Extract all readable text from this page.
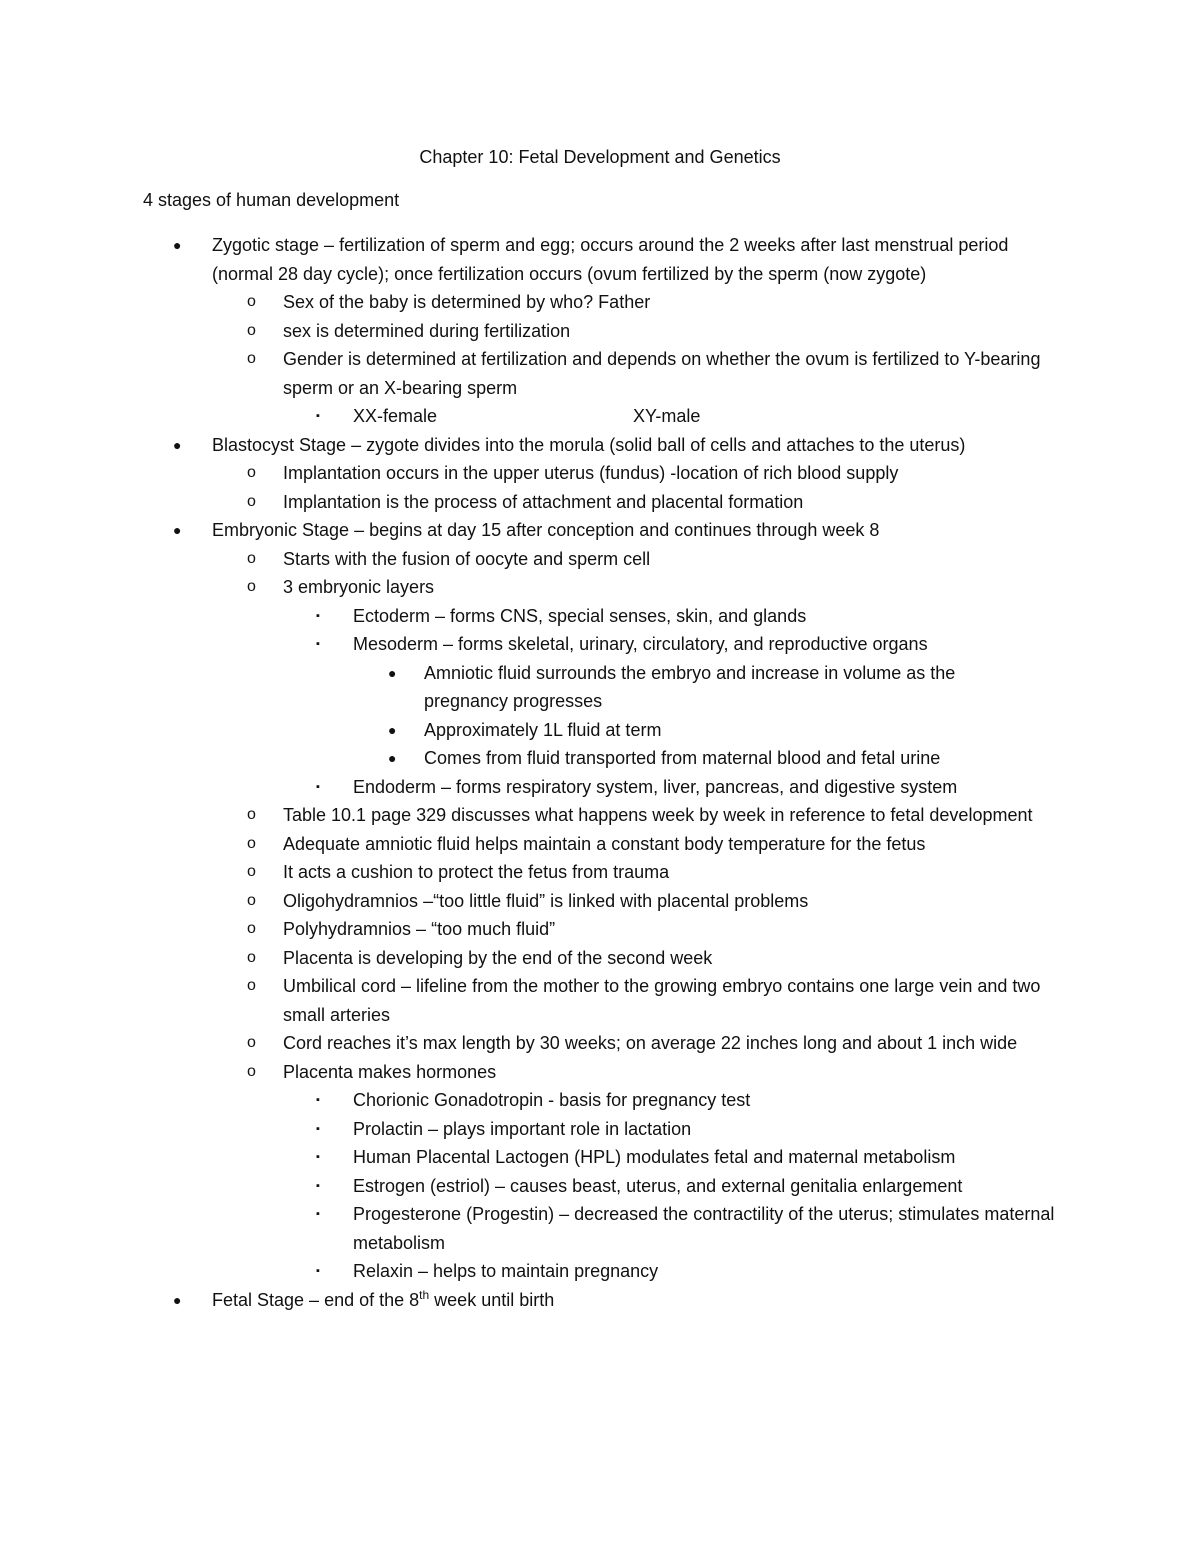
Chapter 10: Fetal Development and Genetics
4 stages of human development
● Zygotic stage – fertilization of sperm and egg; occurs around the 2 weeks after last menstrual period (normal 28 day cycle); once fertilization occurs (ovum fertilized by the sperm (now zygote)
o Sex of the baby is determined by who? Father
o sex is determined during fertilization
o Gender is determined at fertilization and depends on whether the ovum is fertilized to Y-bearing sperm or an X-bearing sperm
▪ XX-female	XY-male
● Blastocyst Stage – zygote divides into the morula (solid ball of cells and attaches to the uterus)
o Implantation occurs in the upper uterus (fundus) -location of rich blood supply
o Implantation is the process of attachment and placental formation
● Embryonic Stage – begins at day 15 after conception and continues through week 8
o Starts with the fusion of oocyte and sperm cell
o 3 embryonic layers
▪ Ectoderm – forms CNS, special senses, skin, and glands
▪ Mesoderm – forms skeletal, urinary, circulatory, and reproductive organs
● Amniotic fluid surrounds the embryo and increase in volume as the pregnancy progresses
● Approximately 1L fluid at term
● Comes from fluid transported from maternal blood and fetal urine
▪ Endoderm – forms respiratory system, liver, pancreas, and digestive system
o Table 10.1 page 329 discusses what happens week by week in reference to fetal development
o Adequate amniotic fluid helps maintain a constant body temperature for the fetus
o It acts a cushion to protect the fetus from trauma
o Oligohydramnios –“too little fluid” is linked with placental problems
o Polyhydramnios – “too much fluid”
o Placenta is developing by the end of the second week
o Umbilical cord – lifeline from the mother to the growing embryo contains one large vein and two small arteries
o Cord reaches it’s max length by 30 weeks; on average 22 inches long and about 1 inch wide
o Placenta makes hormones
▪ Chorionic Gonadotropin - basis for pregnancy test
▪ Prolactin – plays important role in lactation
▪ Human Placental Lactogen (HPL) modulates fetal and maternal metabolism
▪ Estrogen (estriol) – causes beast, uterus, and external genitalia enlargement
▪ Progesterone (Progestin) – decreased the contractility of the uterus; stimulates maternal metabolism
▪ Relaxin – helps to maintain pregnancy
● Fetal Stage – end of the 8th week until birth
